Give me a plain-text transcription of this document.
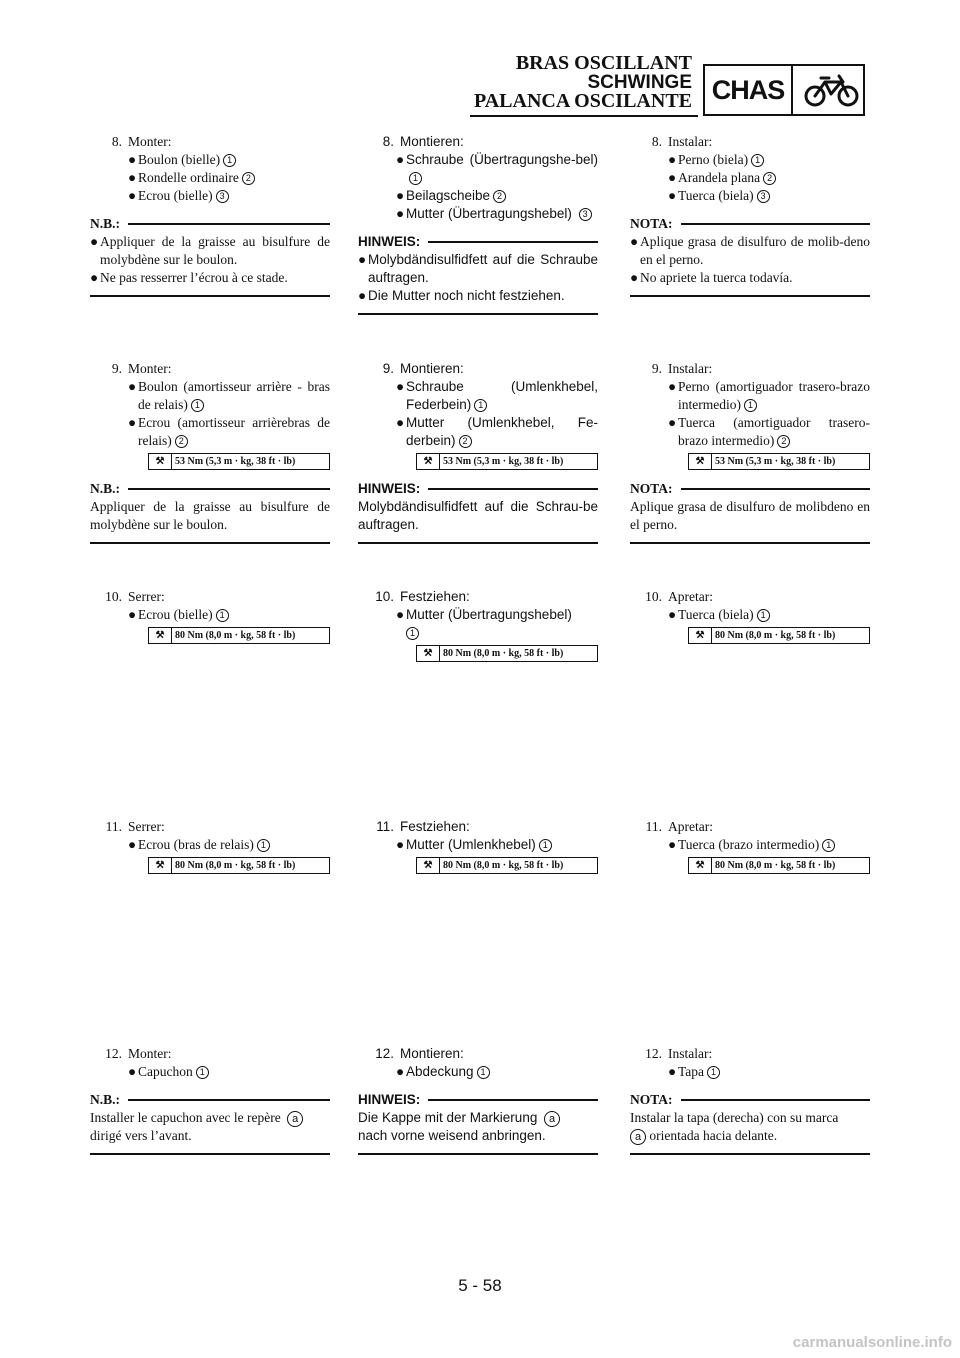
BRAS OSCILLANT
SCHWINGE
PALANCA OSCILANTE CHAS
8. Monter:
● Boulon (bielle) 1
● Rondelle ordinaire 2
● Ecrou (bielle) 3
N.B.:
● Appliquer de la graisse au bisulfure de molybdène sur le boulon.
● Ne pas resserrer l’écrou à ce stade.
9. Monter:
● Boulon (amortisseur arrière - bras de relais) 1
● Ecrou (amortisseur arrièrebras de relais) 2
⚒	53 Nm (5,3 m · kg, 38 ft · lb)
N.B.:
Appliquer de la graisse au bisulfure de molybdène sur le boulon.
10. Serrer:
● Ecrou (bielle) 1
⚒	80 Nm (8,0 m · kg, 58 ft · lb)
11. Serrer:
● Ecrou (bras de relais) 1
⚒	80 Nm (8,0 m · kg, 58 ft · lb)
12. Monter:
● Capuchon 1
N.B.:
Installer le capuchon avec le repère a
dirigé vers l’avant.
8. Montieren:
● Schraube (Übertragungshe-bel)1
● Beilagscheibe 2
● Mutter (Übertragungshebel) 3
HINWEIS:
● Molybdändisulfidfett auf die Schraube auftragen.
● Die Mutter noch nicht festziehen.
9. Montieren:
● Schraube (Umlenkhebel, Federbein) 1
● Mutter (Umlenkhebel, Fe-derbein) 2
⚒	53 Nm (5,3 m · kg, 38 ft · lb)
HINWEIS:
Molybdändisulfidfett auf die Schrau-be auftragen.
10. Festziehen:
● Mutter (Übertragungshebel)
1
⚒	80 Nm (8,0 m · kg, 58 ft · lb)
11. Festziehen:
● Mutter (Umlenkhebel) 1
⚒	80 Nm (8,0 m · kg, 58 ft · lb)
12. Montieren:
● Abdeckung 1
HINWEIS:
Die Kappe mit der Markierung a
nach vorne weisend anbringen.
8. Instalar:
● Perno (biela) 1
● Arandela plana 2
● Tuerca (biela) 3
NOTA:
● Aplique grasa de disulfuro de molib-deno en el perno.
● No apriete la tuerca todavía.
9. Instalar:
● Perno (amortiguador trasero-brazo intermedio) 1
● Tuerca (amortiguador trasero-brazo intermedio) 2
⚒	53 Nm (5,3 m · kg, 38 ft · lb)
NOTA:
Aplique grasa de disulfuro de molibdeno en el perno.
10. Apretar:
● Tuerca (biela) 1
⚒	80 Nm (8,0 m · kg, 58 ft · lb)
11. Apretar:
● Tuerca (brazo intermedio) 1
⚒	80 Nm (8,0 m · kg, 58 ft · lb)
12. Instalar:
● Tapa 1
NOTA:
Instalar la tapa (derecha) con su marca
a orientada hacia delante.
5 - 58
carmanualsonline.info
